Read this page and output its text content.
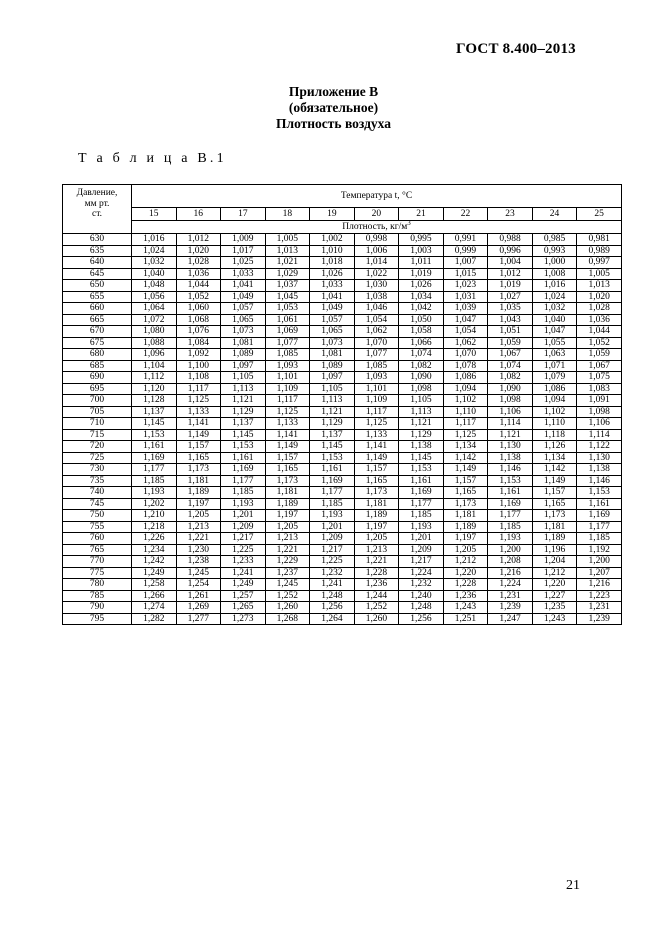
ГОСТ 8.400–2013
Приложение В
(обязательное)
Плотность воздуха
Т а б л и ц а В.1
Давление,
мм рт.
ст.	Температура t, °С										
	15	16	17	18	19	20	21	22	23	24	25
	Плотность, $кг/м^3$
630	1,016	1,012	1,009	1,005	1,002	0,998	0,995	0,991	0,988	0,985	0,981
635	1,024	1,020	1,017	1,013	1,010	1,006	1,003	0,999	0,996	0,993	0,989
640	1,032	1,028	1,025	1,021	1,018	1,014	1,011	1,007	1,004	1,000	0,997
645	1,040	1,036	1,033	1,029	1,026	1,022	1,019	1,015	1,012	1,008	1,005
650	1,048	1,044	1,041	1,037	1,033	1,030	1,026	1,023	1,019	1,016	1,013
655	1,056	1,052	1,049	1,045	1,041	1,038	1,034	1,031	1,027	1,024	1,020
660	1,064	1,060	1,057	1,053	1,049	1,046	1,042	1,039	1,035	1,032	1,028
665	1,072	1,068	1,065	1,061	1,057	1,054	1,050	1,047	1,043	1,040	1,036
670	1,080	1,076	1,073	1,069	1,065	1,062	1,058	1,054	1,051	1,047	1,044
675	1,088	1,084	1,081	1,077	1,073	1,070	1,066	1,062	1,059	1,055	1,052
680	1,096	1,092	1,089	1,085	1,081	1,077	1,074	1,070	1,067	1,063	1,059
685	1,104	1,100	1,097	1,093	1,089	1,085	1,082	1,078	1,074	1,071	1,067
690	1,112	1,108	1,105	1,101	1,097	1,093	1,090	1,086	1,082	1,079	1,075
695	1,120	1,117	1,113	1,109	1,105	1,101	1,098	1,094	1,090	1,086	1,083
700	1,128	1,125	1,121	1,117	1,113	1,109	1,105	1,102	1,098	1,094	1,091
705	1,137	1,133	1,129	1,125	1,121	1,117	1,113	1,110	1,106	1,102	1,098
710	1,145	1,141	1,137	1,133	1,129	1,125	1,121	1,117	1,114	1,110	1,106
715	1,153	1,149	1,145	1,141	1,137	1,133	1,129	1,125	1,121	1,118	1,114
720	1,161	1,157	1,153	1,149	1,145	1,141	1,138	1,134	1,130	1,126	1,122
725	1,169	1,165	1,161	1,157	1,153	1,149	1,145	1,142	1,138	1,134	1,130
730	1,177	1,173	1,169	1,165	1,161	1,157	1,153	1,149	1,146	1,142	1,138
735	1,185	1,181	1,177	1,173	1,169	1,165	1,161	1,157	1,153	1,149	1,146
740	1,193	1,189	1,185	1,181	1,177	1,173	1,169	1,165	1,161	1,157	1,153
745	1,202	1,197	1,193	1,189	1,185	1,181	1,177	1,173	1,169	1,165	1,161
750	1,210	1,205	1,201	1,197	1,193	1,189	1,185	1,181	1,177	1,173	1,169
755	1,218	1,213	1,209	1,205	1,201	1,197	1,193	1,189	1,185	1,181	1,177
760	1,226	1,221	1,217	1,213	1,209	1,205	1,201	1,197	1,193	1,189	1,185
765	1,234	1,230	1,225	1,221	1,217	1,213	1,209	1,205	1,200	1,196	1,192
770	1,242	1,238	1,233	1,229	1,225	1,221	1,217	1,212	1,208	1,204	1,200
775	1,249	1,245	1,241	1,237	1,232	1,228	1,224	1,220	1,216	1,212	1,207
780	1,258	1,254	1,249	1,245	1,241	1,236	1,232	1,228	1,224	1,220	1,216
785	1,266	1,261	1,257	1,252	1,248	1,244	1,240	1,236	1,231	1,227	1,223
790	1,274	1,269	1,265	1,260	1,256	1,252	1,248	1,243	1,239	1,235	1,231
795	1,282	1,277	1,273	1,268	1,264	1,260	1,256	1,251	1,247	1,243	1,239
21
